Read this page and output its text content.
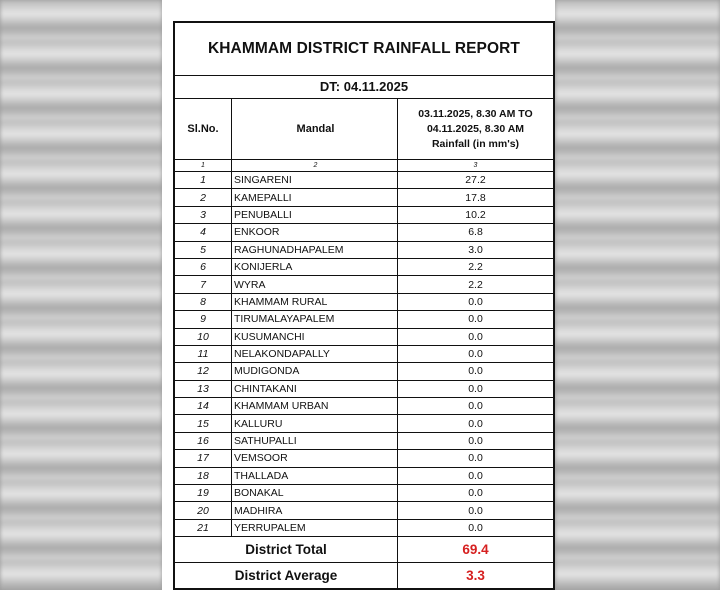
KHAMMAM DISTRICT RAINFALL REPORT
DT: 04.11.2025
Sl.No.	Mandal	03.11.2025, 8.30 AM TO
04.11.2025, 8.30 AM
Rainfall (in mm's)

1	2	3
1	SINGARENI	27.2
2	KAMEPALLI	17.8
3	PENUBALLI	10.2
4	ENKOOR	6.8
5	RAGHUNADHAPALEM	3.0
6	KONIJERLA	2.2
7	WYRA	2.2
8	KHAMMAM RURAL	0.0
9	TIRUMALAYAPALEM	0.0
10	KUSUMANCHI	0.0
11	NELAKONDAPALLY	0.0
12	MUDIGONDA	0.0
13	CHINTAKANI	0.0
14	KHAMMAM URBAN	0.0
15	KALLURU	0.0
16	SATHUPALLI	0.0
17	VEMSOOR	0.0
18	THALLADA	0.0
19	BONAKAL	0.0
20	MADHIRA	0.0
21	YERRUPALEM	0.0
District Total		69.4
District Average		3.3
